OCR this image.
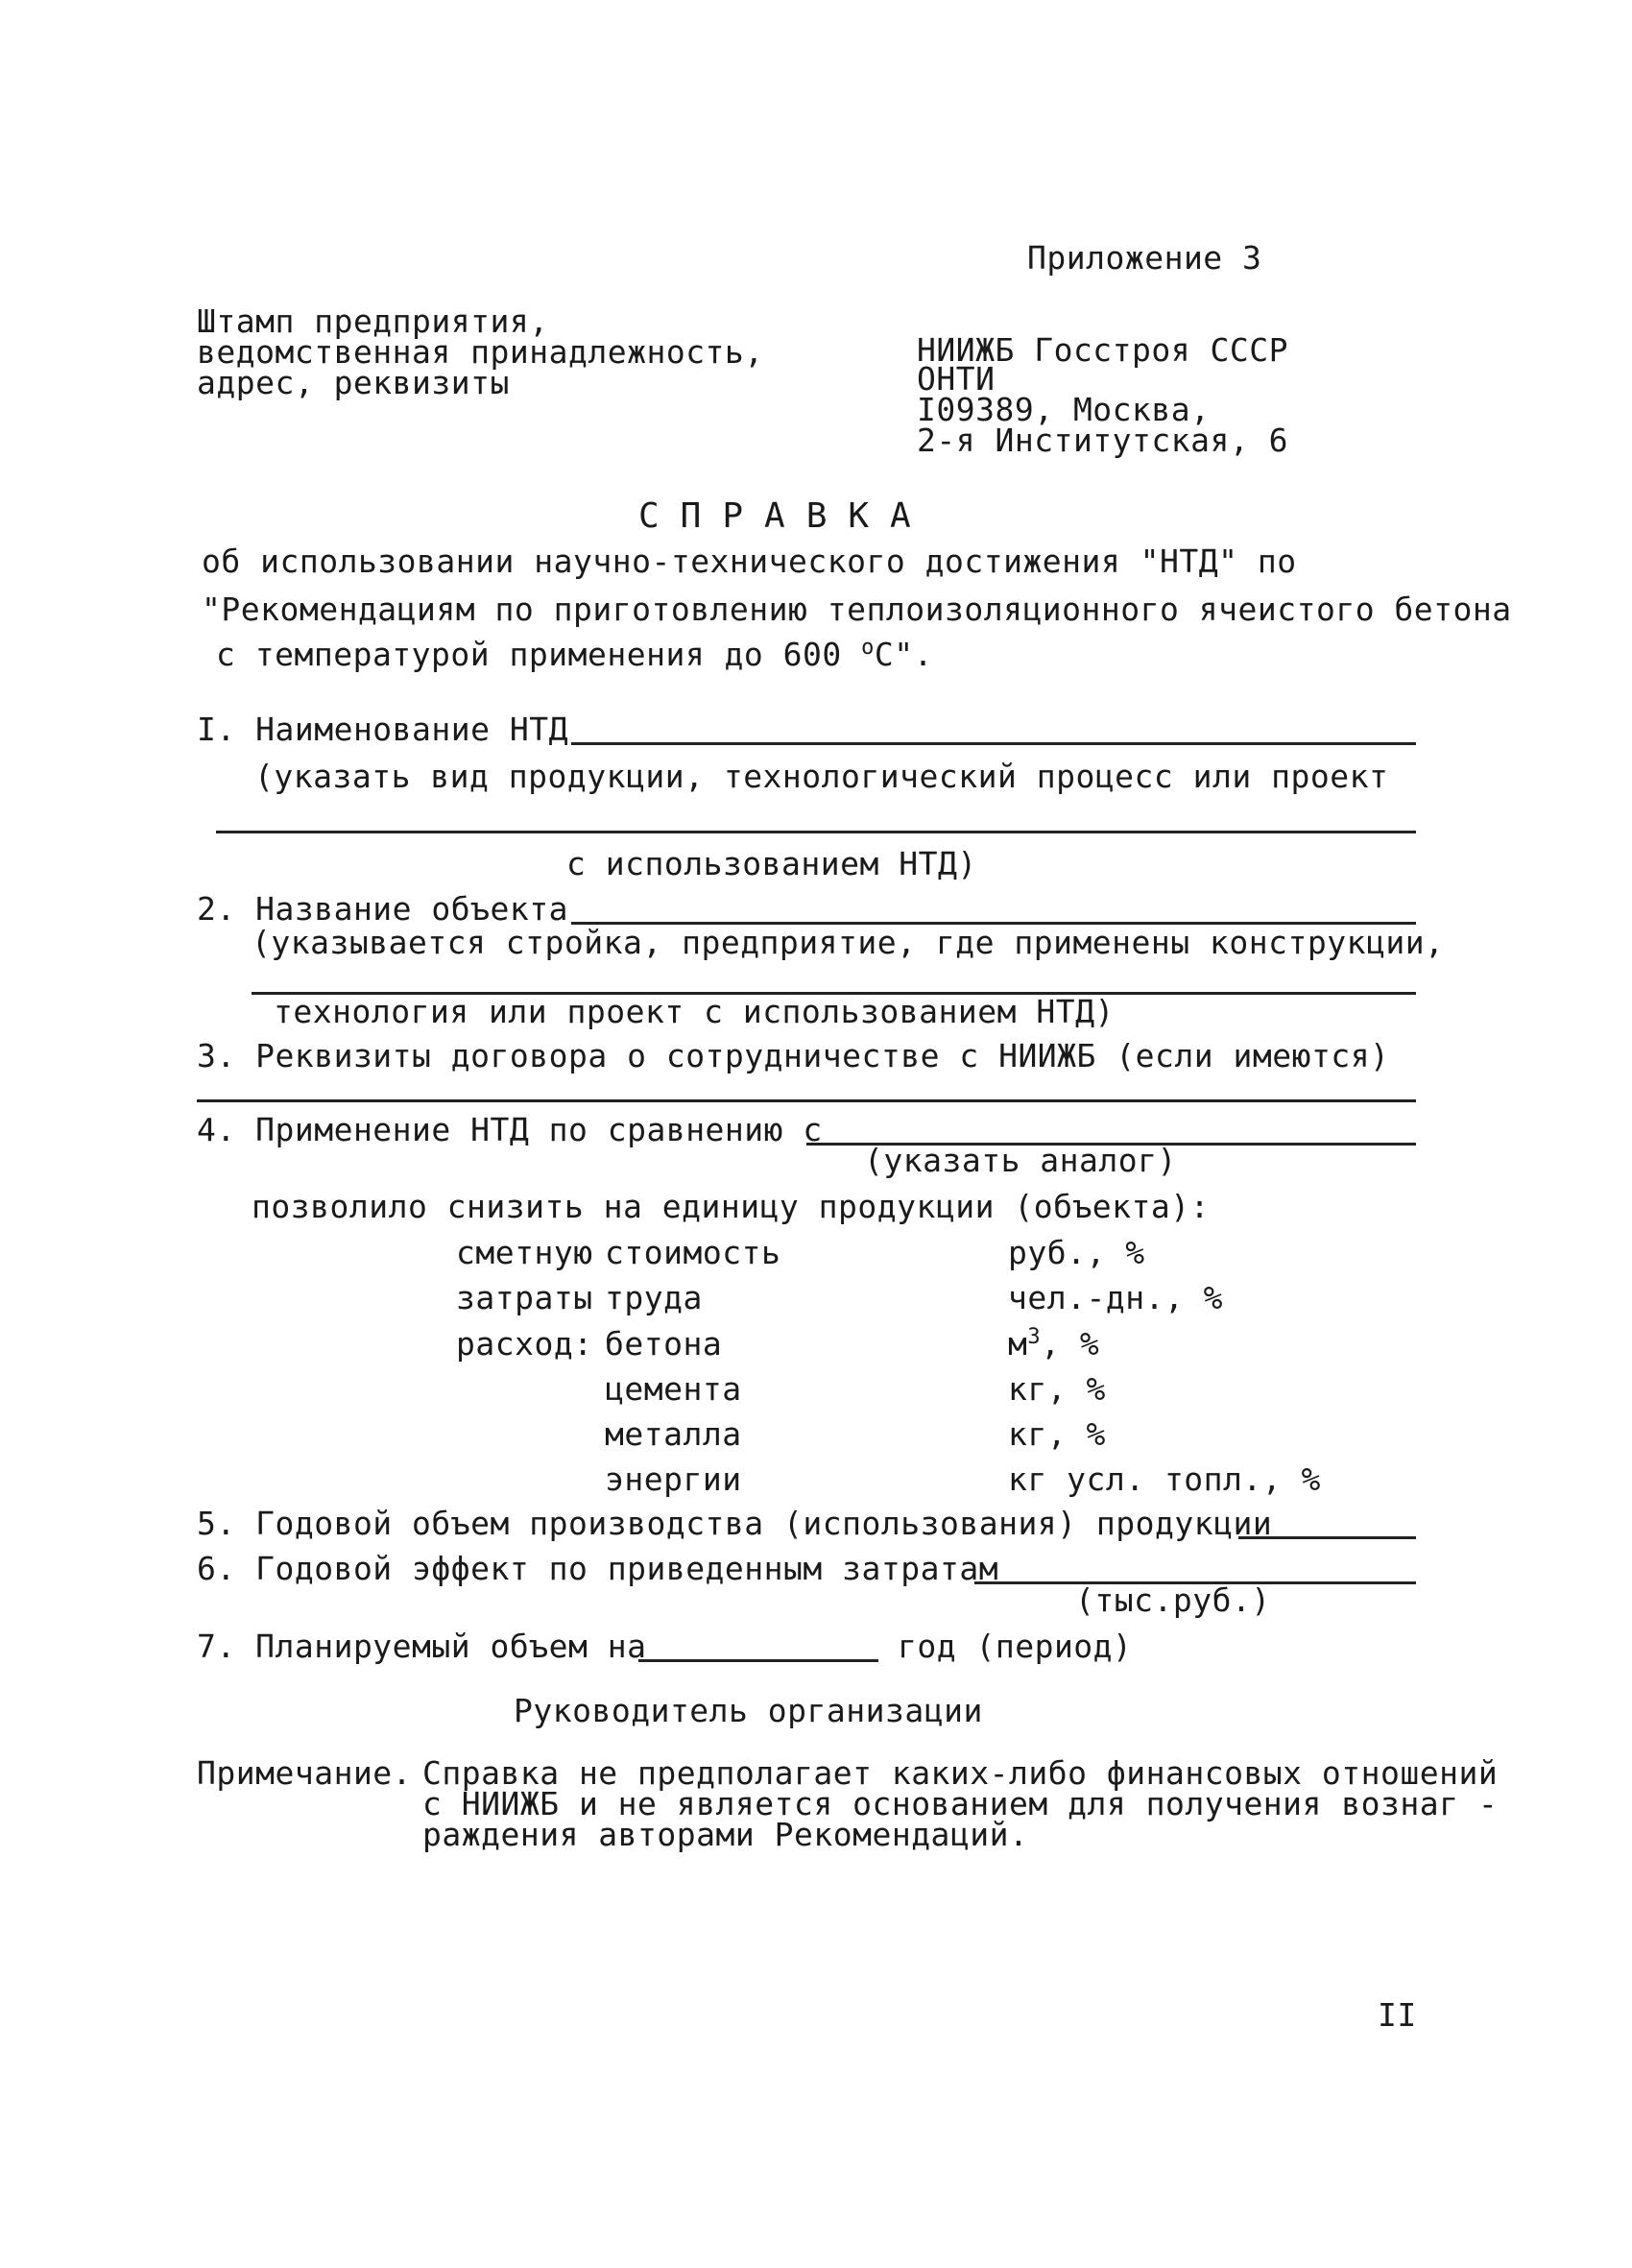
Приложение 3
Штамп предприятия,
ведомственная принадлежность,
адрес, реквизиты
НИИЖБ Госстроя СССР
ОНТИ
I09389, Москва,
2-я Институтская, 6
СПРАВКА
об использовании научно-технического достижения "НТД" по
"Рекомендациям по приготовлению теплоизоляционного ячеистого бетона
с температурой применения до 600 $^о$С".
I. Наименование НТД
(указать вид продукции, технологический процесс или проект
с использованием НТД)
2. Название объекта
(указывается стройка, предприятие, где применены конструкции,
технология или проект с использованием НТД)
3. Реквизиты договора о сотрудничестве с НИИЖБ (если имеются)
4. Применение НТД по сравнению с
(указать аналог)
позволило снизить на единицу продукции (объекта):
сметную стоимость	руб., %
затраты труда	чел.-дн., %
расход: бетона	$м^3$, %
цемента	кг, %
металла	кг, %
энергии	кг усл. топл., %
5. Годовой объем производства (использования) продукции
6. Годовой эффект по приведенным затратам
(тыс.руб.)
7. Планируемый объем на	год (период)
Руководитель организации
Примечание. Справка не предполагает каких-либо финансовых отношений
с НИИЖБ и не является основанием для получения вознаг -
раждения авторами Рекомендаций.
II
